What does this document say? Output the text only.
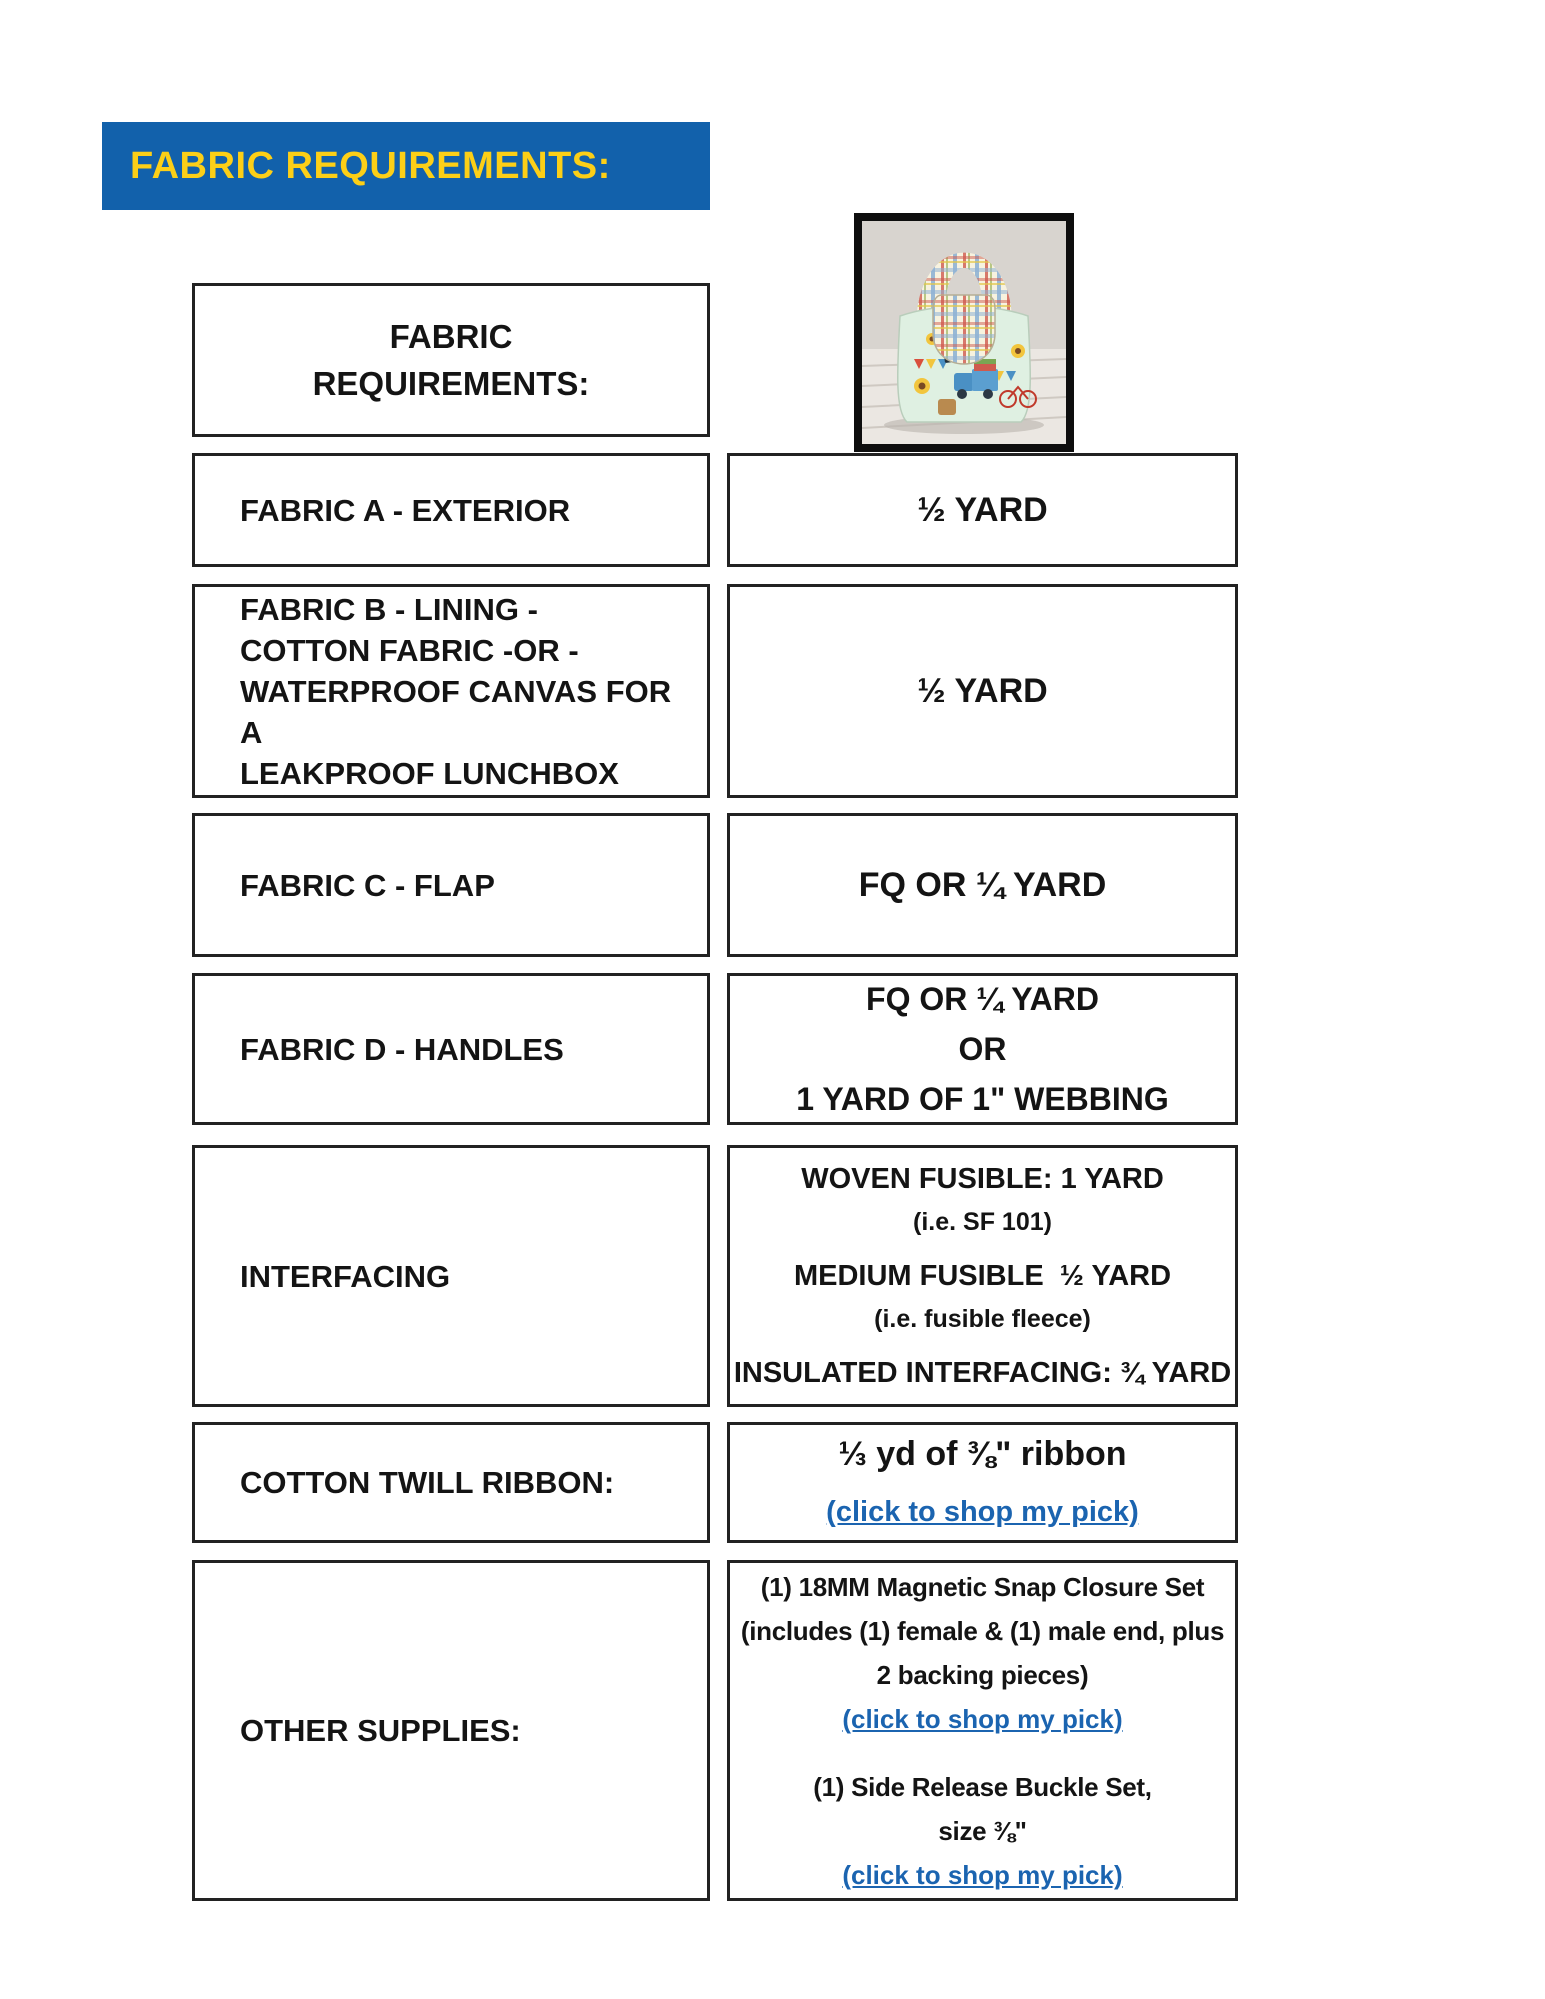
FABRIC REQUIREMENTS:
FABRIC
REQUIREMENTS:
FABRIC A - EXTERIOR	½ YARD
FABRIC B - LINING -
COTTON FABRIC -OR -
WATERPROOF CANVAS FOR A
LEAKPROOF LUNCHBOX
½ YARD
FABRIC C - FLAP	FQ OR ¼ YARD
FABRIC D - HANDLES
FQ OR ¼ YARD
OR
1 YARD OF 1" WEBBING
INTERFACING
WOVEN FUSIBLE: 1 YARD
(i.e. SF 101)
MEDIUM FUSIBLE  ½ YARD
(i.e. fusible fleece)
INSULATED INTERFACING: ¾ YARD
COTTON TWILL RIBBON:
⅓ yd of ⅜" ribbon
(click to shop my pick)
OTHER SUPPLIES:
(1) 18MM Magnetic Snap Closure Set
(includes (1) female & (1) male end, plus
2 backing pieces)
(click to shop my pick)
(1) Side Release Buckle Set,
size ⅜"
(click to shop my pick)
